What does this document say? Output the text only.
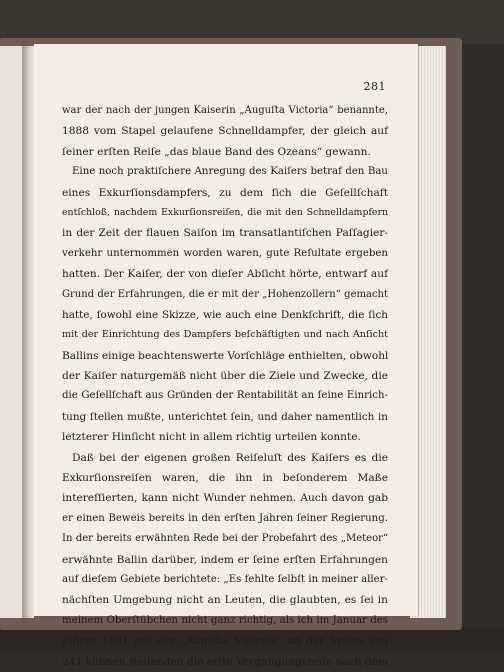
281
war der nach der jungen Kaiserin „Auguſta Victoria“ benannte,
1888 vom Stapel gelaufene Schnelldampfer, der gleich auf
ſeiner erſten Reiſe „das blaue Band des Ozeans“ gewann.
Eine noch praktiſchere Anregung des Kaiſers betraf den Bau
eines Exkurſionsdampfers, zu dem ſich die Geſellſchaft
entſchloß, nachdem Exkurſionsreiſen, die mit den Schnelldampfern
in der Zeit der flauen Saiſon im transatlantiſchen Paſſagier-
verkehr unternommen worden waren, gute Reſultate ergeben
hatten. Der Kaiſer, der von dieſer Abſicht hörte, entwarf auf
Grund der Erfahrungen, die er mit der „Hohenzollern“ gemacht
hatte, ſowohl eine Skizze, wie auch eine Denkſchrift, die ſich
mit der Einrichtung des Dampfers beſchäftigten und nach Anſicht
Ballins einige beachtenswerte Vorſchläge enthielten, obwohl
der Kaiſer naturgemäß nicht über die Ziele und Zwecke, die
die Geſellſchaft aus Gründen der Rentabilität an ſeine Einrich-
tung ſtellen mußte, unterichtet ſein, und daher namentlich in
letzterer Hinſicht nicht in allem richtig urteilen konnte.
Daß bei der eigenen großen Reiſeluſt des Kaiſers es die
Exkurſionsreiſen waren, die ihn in beſonderem Maße
intereſſierten, kann nicht Wunder nehmen. Auch davon gab
er einen Beweis bereits in den erſten Jahren ſeiner Regierung.
In der bereits erwähnten Rede bei der Probefahrt des „Meteor“
erwähnte Ballin darüber, indem er ſeine erſten Erfahrungen
auf dieſem Gebiete berichtete: „Es fehlte ſelbſt in meiner aller-
nächſten Umgebung nicht an Leuten, die glaubten, es ſei in
meinem Oberſtübchen nicht ganz richtig, als ich im Januar des
Jahres 1891 mit der „Auguſta Victoria“ an der Spitze von
241 kühnen Reiſenden die erſte Vergnügungsreiſe nach dem
